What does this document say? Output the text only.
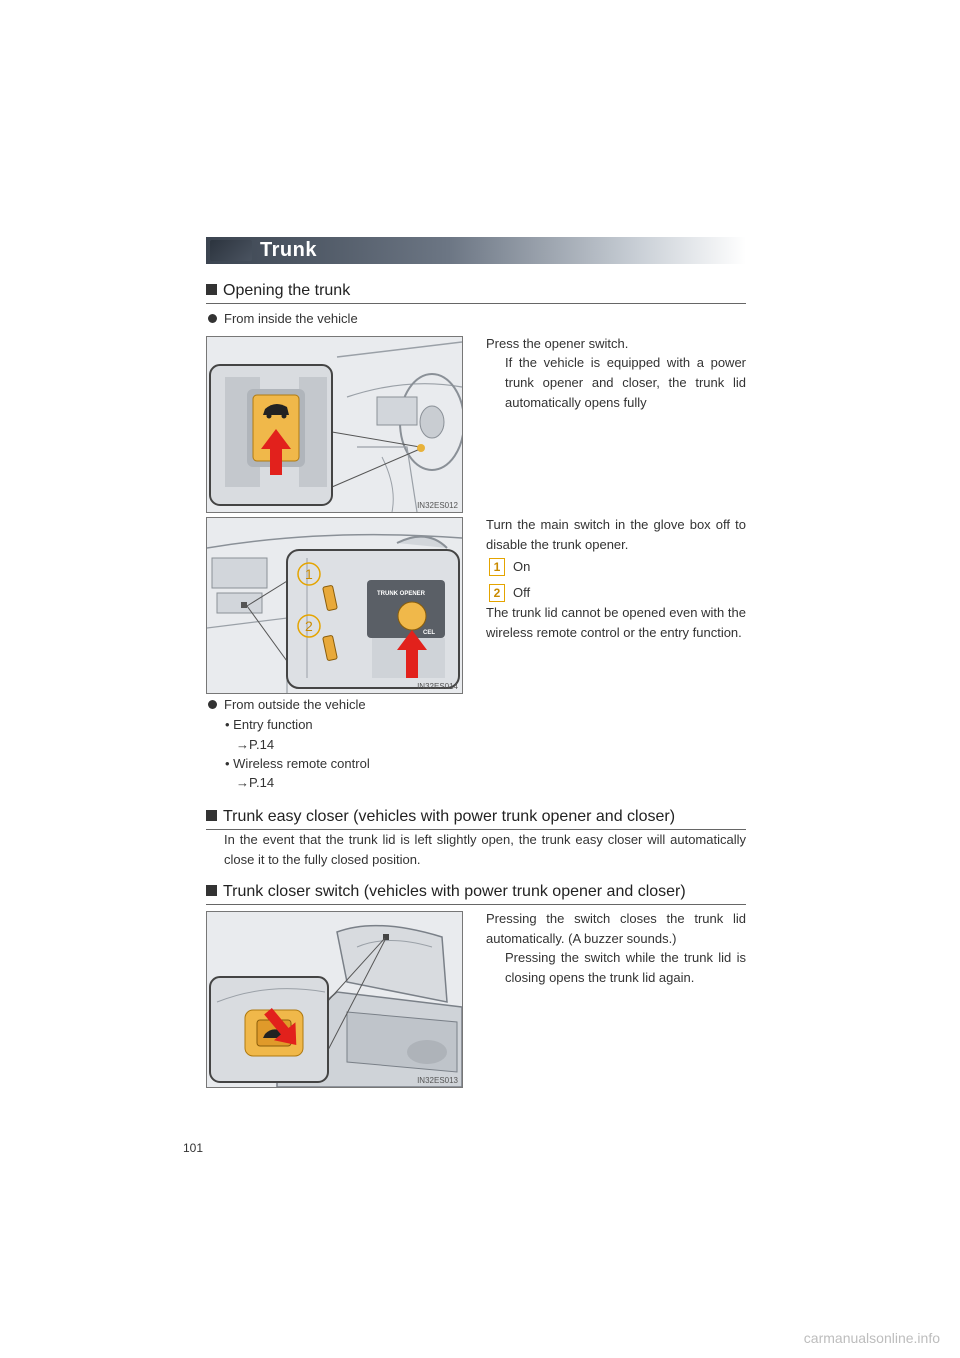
Trunk
Opening the trunk
From inside the vehicle
IN32ES012
Press the opener switch.
If the vehicle is equipped with a power trunk opener and closer, the trunk lid automatically opens fully
1
2
TRUNK OPENER
CEL
IN32ES014
Turn the main switch in the glove box off to disable the trunk opener.
1 On
2 Off
The trunk lid cannot be opened even with the wireless remote control or the entry function.
From outside the vehicle
• Entry function
→P.14
• Wireless remote control
→P.14
Trunk easy closer (vehicles with power trunk opener and closer)
In the event that the trunk lid is left slightly open, the trunk easy closer will automatically close it to the fully closed position.
Trunk closer switch (vehicles with power trunk opener and closer)
IN32ES013
Pressing the switch closes the trunk lid automatically. (A buzzer sounds.)
Pressing the switch while the trunk lid is closing opens the trunk lid again.
101
carmanualsonline.info
